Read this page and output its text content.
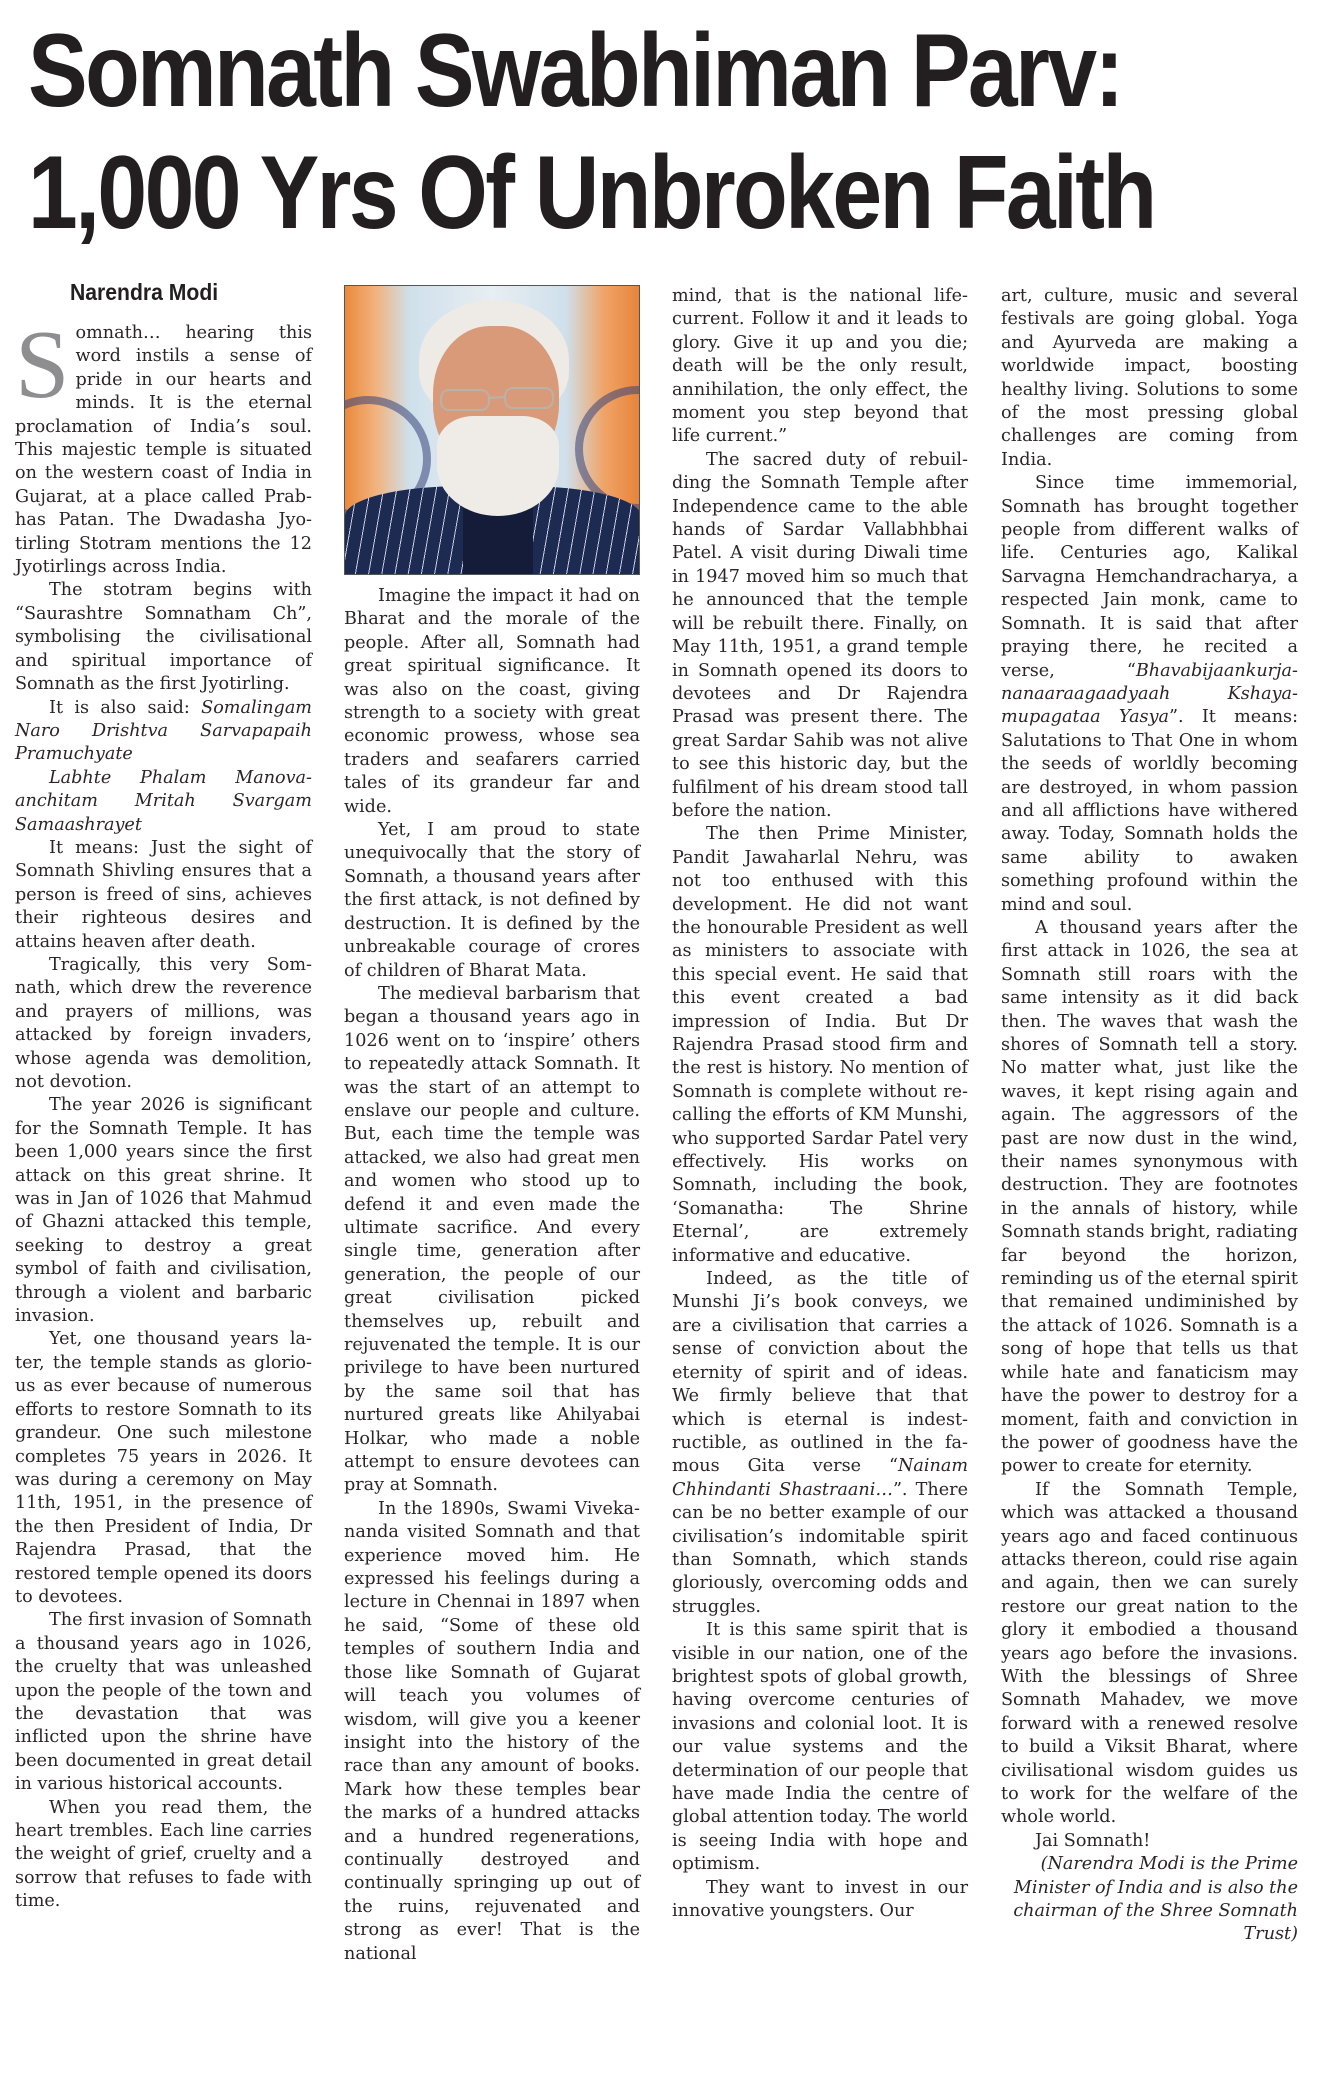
Somnath Swabhiman Parv:
1,000 Yrs Of Unbroken Faith
Narendra Modi

Somnath… hearing this word instils a sense of pride in our hearts and minds. It is the eternal proclamation of India’s soul. This majestic temple is situated on the western coast of India in Gujarat, at a place called Prabhas Patan. The Dwadasha Jyotirling Stotram mentions the 12 Jyotirlings across India.

The stotram begins with “Saurashtre Somnatham Ch”, symbolising the civilisational and spiritual importance of Somnath as the first Jyotirling.

It is also said: Somalingam Naro Drishtva Sarvapapaih Pramuchyate

Labhte Phalam Manovaanchitam Mritah Svargam Samaashrayet

It means: Just the sight of Somnath Shivling ensures that a person is freed of sins, achieves their righteous desires and attains heaven after death.

Tragically, this very Somnath, which drew the reverence and prayers of millions, was attacked by foreign invaders, whose agenda was demolition, not devotion.

The year 2026 is significant for the Somnath Temple. It has been 1,000 years since the first attack on this great shrine. It was in Jan of 1026 that Mahmud of Ghazni attacked this temple, seeking to destroy a great symbol of faith and civilisation, through a violent and barbaric invasion.

Yet, one thousand years later, the temple stands as glorious as ever because of numerous efforts to restore Somnath to its grandeur. One such milestone completes 75 years in 2026. It was during a ceremony on May 11th, 1951, in the presence of the then President of India, Dr Rajendra Prasad, that the restored temple opened its doors to devotees.

The first invasion of Somnath a thousand years ago in 1026, the cruelty that was unleashed upon the people of the town and the devastation that was inflicted upon the shrine have been documented in great detail in various historical accounts.

When you read them, the heart trembles. Each line carries the weight of grief, cruelty and a sorrow that refuses to fade with time.

Imagine the impact it had on Bharat and the morale of the people. After all, Somnath had great spiritual significance. It was also on the coast, giving strength to a society with great economic prowess, whose sea traders and seafarers carried tales of its grandeur far and wide.

Yet, I am proud to state unequivocally that the story of Somnath, a thousand years after the first attack, is not defined by destruction. It is defined by the unbreakable courage of crores of children of Bharat Mata.

The medieval barbarism that began a thousand years ago in 1026 went on to ‘inspire’ others to repeatedly attack Somnath. It was the start of an attempt to enslave our people and culture. But, each time the temple was attacked, we also had great men and women who stood up to defend it and even made the ultimate sacrifice. And every single time, generation after generation, the people of our great civilisation picked themselves up, rebuilt and rejuvenated the temple. It is our privilege to have been nurtured by the same soil that has nurtured greats like Ahilyabai Holkar, who made a noble attempt to ensure devotees can pray at Somnath.

In the 1890s, Swami Vivekananda visited Somnath and that experience moved him. He expressed his feelings during a lecture in Chennai in 1897 when he said, “Some of these old temples of southern India and those like Somnath of Gujarat will teach you volumes of wisdom, will give you a keener insight into the history of the race than any amount of books. Mark how these temples bear the marks of a hundred attacks and a hundred regenerations, continually destroyed and continually springing up out of the ruins, rejuvenated and strong as ever! That is the national

mind, that is the national life-current. Follow it and it leads to glory. Give it up and you die; death will be the only result, annihilation, the only effect, the moment you step beyond that life current.”

The sacred duty of rebuilding the Somnath Temple after Independence came to the able hands of Sardar Vallabhbhai Patel. A visit during Diwali time in 1947 moved him so much that he announced that the temple will be rebuilt there. Finally, on May 11th, 1951, a grand temple in Somnath opened its doors to devotees and Dr Rajendra Prasad was present there. The great Sardar Sahib was not alive to see this historic day, but the fulfilment of his dream stood tall before the nation.

The then Prime Minister, Pandit Jawaharlal Nehru, was not too enthused with this development. He did not want the honourable President as well as ministers to associate with this special event. He said that this event created a bad impression of India. But Dr Rajendra Prasad stood firm and the rest is history. No mention of Somnath is complete without recalling the efforts of KM Munshi, who supported Sardar Patel very effectively. His works on Somnath, including the book, ‘Somanatha: The Shrine Eternal’, are extremely informative and educative.

Indeed, as the title of Munshi Ji’s book conveys, we are a civilisation that carries a sense of conviction about the eternity of spirit and of ideas. We firmly believe that that which is eternal is indestructible, as outlined in the famous Gita verse “Nainam Chhindanti Shastraani…”. There can be no better example of our civilisation’s indomitable spirit than Somnath, which stands gloriously, overcoming odds and struggles.

It is this same spirit that is visible in our nation, one of the brightest spots of global growth, having overcome centuries of invasions and colonial loot. It is our value systems and the determination of our people that have made India the centre of global attention today. The world is seeing India with hope and optimism.

They want to invest in our innovative youngsters. Our

art, culture, music and several festivals are going global. Yoga and Ayurveda are making a worldwide impact, boosting healthy living. Solutions to some of the most pressing global challenges are coming from India.

Since time immemorial, Somnath has brought together people from different walks of life. Centuries ago, Kalikal Sarvagna Hemchandracharya, a respected Jain monk, came to Somnath. It is said that after praying there, he recited a verse, “Bhavabijaankurjananaaraagaadyaah Kshayamupagataa Yasya”. It means: Salutations to That One in whom the seeds of worldly becoming are destroyed, in whom passion and all afflictions have withered away. Today, Somnath holds the same ability to awaken something profound within the mind and soul.

A thousand years after the first attack in 1026, the sea at Somnath still roars with the same intensity as it did back then. The waves that wash the shores of Somnath tell a story. No matter what, just like the waves, it kept rising again and again. The aggressors of the past are now dust in the wind, their names synonymous with destruction. They are footnotes in the annals of history, while Somnath stands bright, radiating far beyond the horizon, reminding us of the eternal spirit that remained undiminished by the attack of 1026. Somnath is a song of hope that tells us that while hate and fanaticism may have the power to destroy for a moment, faith and conviction in the power of goodness have the power to create for eternity.

If the Somnath Temple, which was attacked a thousand years ago and faced continuous attacks thereon, could rise again and again, then we can surely restore our great nation to the glory it embodied a thousand years ago before the invasions. With the blessings of Shree Somnath Mahadev, we move forward with a renewed resolve to build a Viksit Bharat, where civilisational wisdom guides us to work for the welfare of the whole world.

Jai Somnath!

(Narendra Modi is the Prime Minister of India and is also the chairman of the Shree Somnath Trust)
